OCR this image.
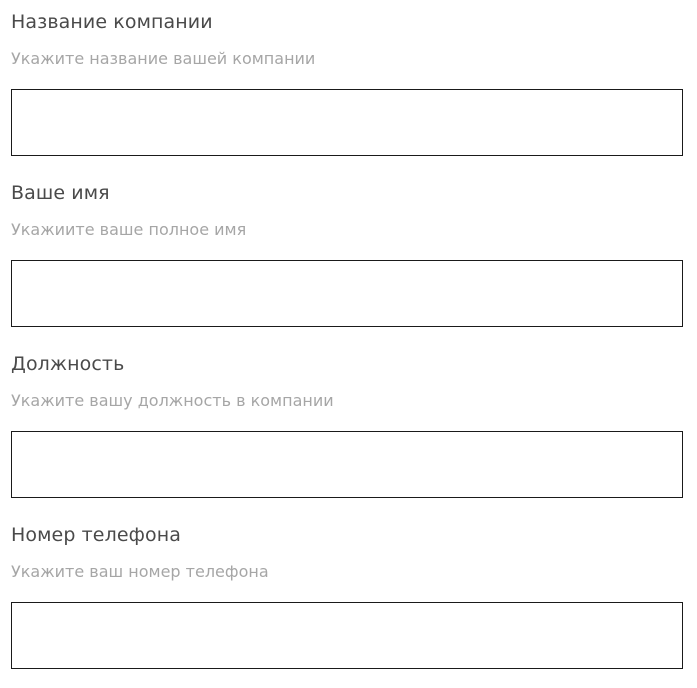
Название компании
Укажите название вашей компании
Ваше имя
Укажиите ваше полное имя
Должность
Укажите вашу должность в компании
Номер телефона
Укажите ваш номер телефона
